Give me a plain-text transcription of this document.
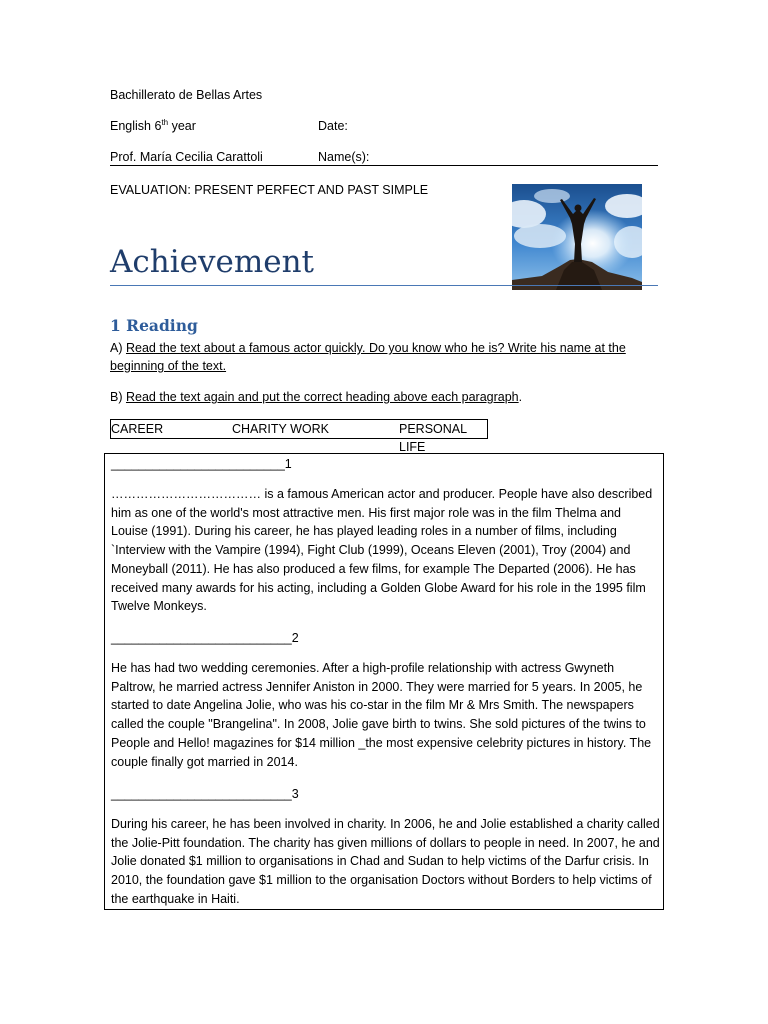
Bachillerato de Bellas Artes
English 6th year	Date:
Prof. María Cecilia Carattoli	Name(s):
EVALUATION: PRESENT PERFECT AND PAST SIMPLE
Achievement
1 Reading
A) Read the text about a famous actor quickly. Do you know who he is? Write his name at the beginning of the text.
B) Read the text again and put the correct heading above each paragraph.
CAREER	CHARITY WORK	PERSONAL LIFE
_________________________1
……………………………… is a famous American actor and producer. People have also described him as one of the world's most attractive men. His first major role was in the film Thelma and Louise (1991). During his career, he has played leading roles in a number of films, including `Interview with the Vampire (1994), Fight Club (1999), Oceans Eleven (2001), Troy (2004) and Moneyball (2011). He has also produced a few films, for example The Departed (2006). He has received many awards for his acting, including a Golden Globe Award for his role in the 1995 film Twelve Monkeys.
__________________________2
He has had two wedding ceremonies. After a high-profile relationship with actress Gwyneth Paltrow, he married actress Jennifer Aniston in 2000. They were married for 5 years. In 2005, he started to date Angelina Jolie, who was his co-star in the film Mr & Mrs Smith. The newspapers called the couple "Brangelina". In 2008, Jolie gave birth to twins. She sold pictures of the twins to People and Hello! magazines for $14 million _the most expensive celebrity pictures in history. The couple finally got married in 2014.
__________________________3
During his career, he has been involved in charity. In 2006, he and Jolie established a charity called the Jolie-Pitt foundation. The charity has given millions of dollars to people in need. In 2007, he and Jolie donated $1 million to organisations in Chad and Sudan to help victims of the Darfur crisis. In 2010, the foundation gave $1 million to the organisation Doctors without Borders to help victims of the earthquake in Haiti.
